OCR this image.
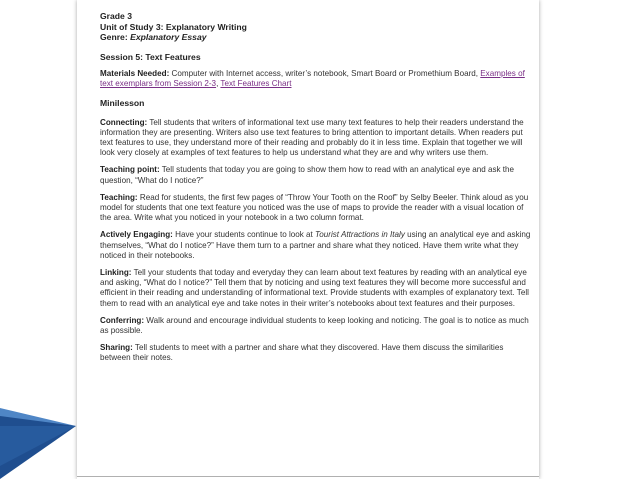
Grade 3
Unit of Study 3: Explanatory Writing
Genre: Explanatory Essay
Session 5: Text Features
Materials Needed: Computer with Internet access, writer’s notebook, Smart Board or Promethium Board, Examples of text exemplars from Session 2-3, Text Features Chart
Minilesson
Connecting: Tell students that writers of informational text use many text features to help their readers understand the information they are presenting. Writers also use text features to bring attention to important details. When readers put text features to use, they understand more of their reading and probably do it in less time. Explain that together we will look very closely at examples of text features to help us understand what they are and why writers use them.
Teaching point: Tell students that today you are going to show them how to read with an analytical eye and ask the question, “What do I notice?”
Teaching: Read for students, the first few pages of “Throw Your Tooth on the Roof” by Selby Beeler. Think aloud as you model for students that one text feature you noticed was the use of maps to provide the reader with a visual location of the area. Write what you noticed in your notebook in a two column format.
Actively Engaging: Have your students continue to look at Tourist Attractions in Italy using an analytical eye and asking themselves, “What do I notice?” Have them turn to a partner and share what they noticed. Have them write what they noticed in their notebooks.
Linking: Tell your students that today and everyday they can learn about text features by reading with an analytical eye and asking, “What do I notice?” Tell them that by noticing and using text features they will become more successful and efficient in their reading and understanding of informational text. Provide students with examples of explanatory text. Tell them to read with an analytical eye and take notes in their writer’s notebooks about text features and their purposes.
Conferring: Walk around and encourage individual students to keep looking and noticing. The goal is to notice as much as possible.
Sharing: Tell students to meet with a partner and share what they discovered. Have them discuss the similarities between their notes.
